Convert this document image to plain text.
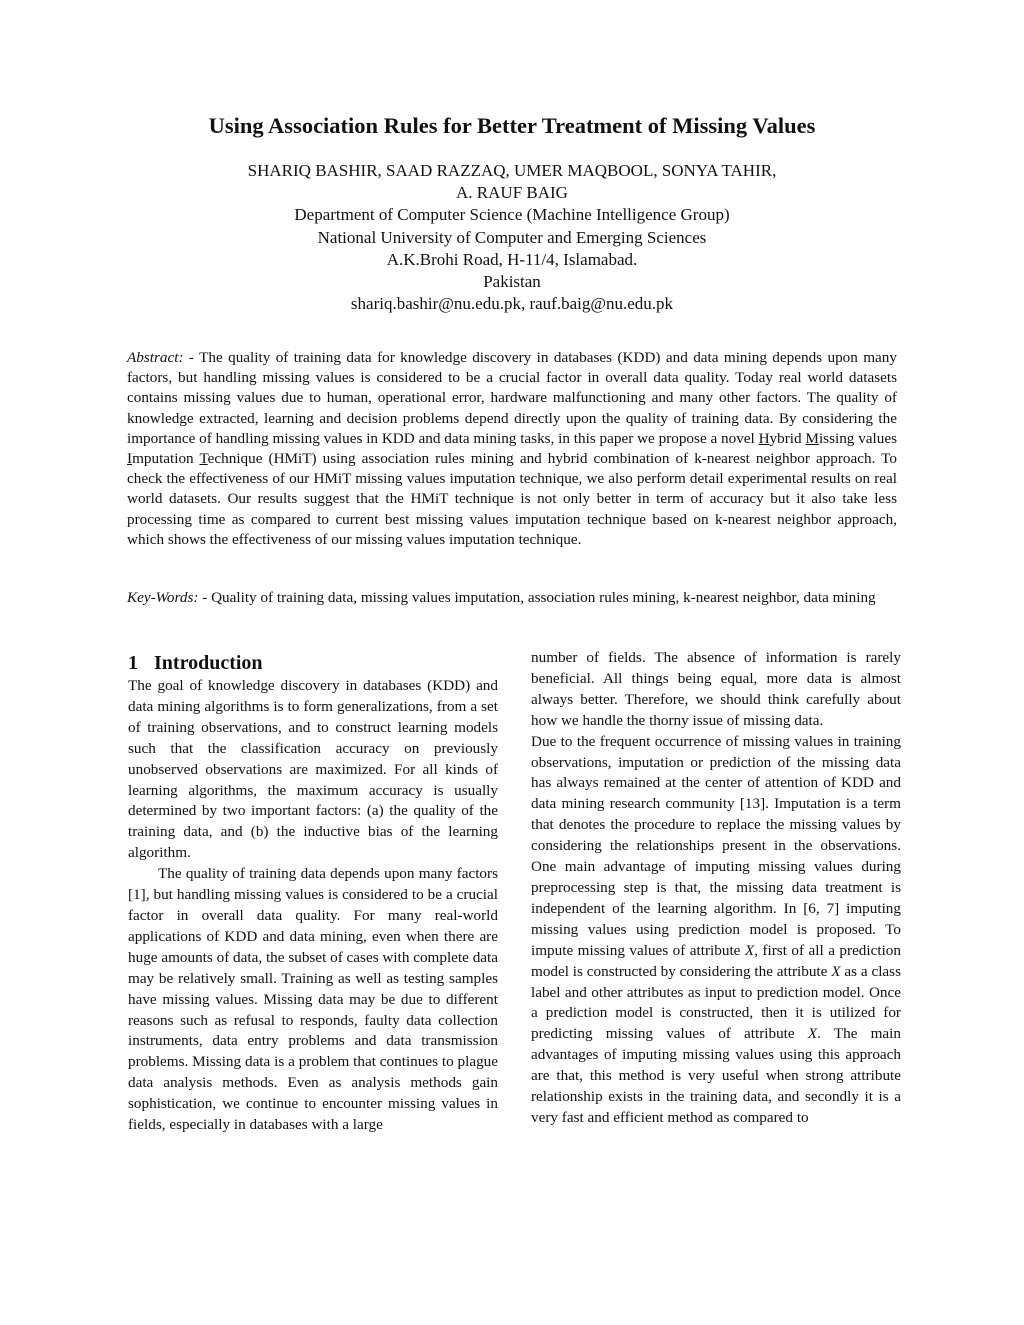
Using Association Rules for Better Treatment of Missing Values
SHARIQ BASHIR, SAAD RAZZAQ, UMER MAQBOOL, SONYA TAHIR,
A. RAUF BAIG
Department of Computer Science (Machine Intelligence Group)
National University of Computer and Emerging Sciences
A.K.Brohi Road, H-11/4, Islamabad.
Pakistan
shariq.bashir@nu.edu.pk, rauf.baig@nu.edu.pk

Abstract: - The quality of training data for knowledge discovery in databases (KDD) and data mining depends upon many factors, but handling missing values is considered to be a crucial factor in overall data quality. Today real world datasets contains missing values due to human, operational error, hardware malfunctioning and many other factors. The quality of knowledge extracted, learning and decision problems depend directly upon the quality of training data. By considering the importance of handling missing values in KDD and data mining tasks, in this paper we propose a novel Hybrid Missing values Imputation Technique (HMiT) using association rules mining and hybrid combination of k-nearest neighbor approach. To check the effectiveness of our HMiT missing values imputation technique, we also perform detail experimental results on real world datasets. Our results suggest that the HMiT technique is not only better in term of accuracy but it also take less processing time as compared to current best missing values imputation technique based on k-nearest neighbor approach, which shows the effectiveness of our missing values imputation technique.

Key-Words: - Quality of training data, missing values imputation, association rules mining, k-nearest neighbor, data mining

1 Introduction

The goal of knowledge discovery in databases (KDD) and data mining algorithms is to form generalizations, from a set of training observations, and to construct learning models such that the classification accuracy on previously unobserved observations are maximized. For all kinds of learning algorithms, the maximum accuracy is usually determined by two important factors: (a) the quality of the training data, and (b) the inductive bias of the learning algorithm.

The quality of training data depends upon many factors [1], but handling missing values is considered to be a crucial factor in overall data quality. For many real-world applications of KDD and data mining, even when there are huge amounts of data, the subset of cases with complete data may be relatively small. Training as well as testing samples have missing values. Missing data may be due to different reasons such as refusal to responds, faulty data collection instruments, data entry problems and data transmission problems. Missing data is a problem that continues to plague data analysis methods. Even as analysis methods gain sophistication, we continue to encounter missing values in fields, especially in databases with a large

number of fields. The absence of information is rarely beneficial. All things being equal, more data is almost always better. Therefore, we should think carefully about how we handle the thorny issue of missing data.

Due to the frequent occurrence of missing values in training observations, imputation or prediction of the missing data has always remained at the center of attention of KDD and data mining research community [13]. Imputation is a term that denotes the procedure to replace the missing values by considering the relationships present in the observations. One main advantage of imputing missing values during preprocessing step is that, the missing data treatment is independent of the learning algorithm. In [6, 7] imputing missing values using prediction model is proposed. To impute missing values of attribute X, first of all a prediction model is constructed by considering the attribute X as a class label and other attributes as input to prediction model. Once a prediction model is constructed, then it is utilized for predicting missing values of attribute X. The main advantages of imputing missing values using this approach are that, this method is very useful when strong attribute relationship exists in the training data, and secondly it is a very fast and efficient method as compared to
